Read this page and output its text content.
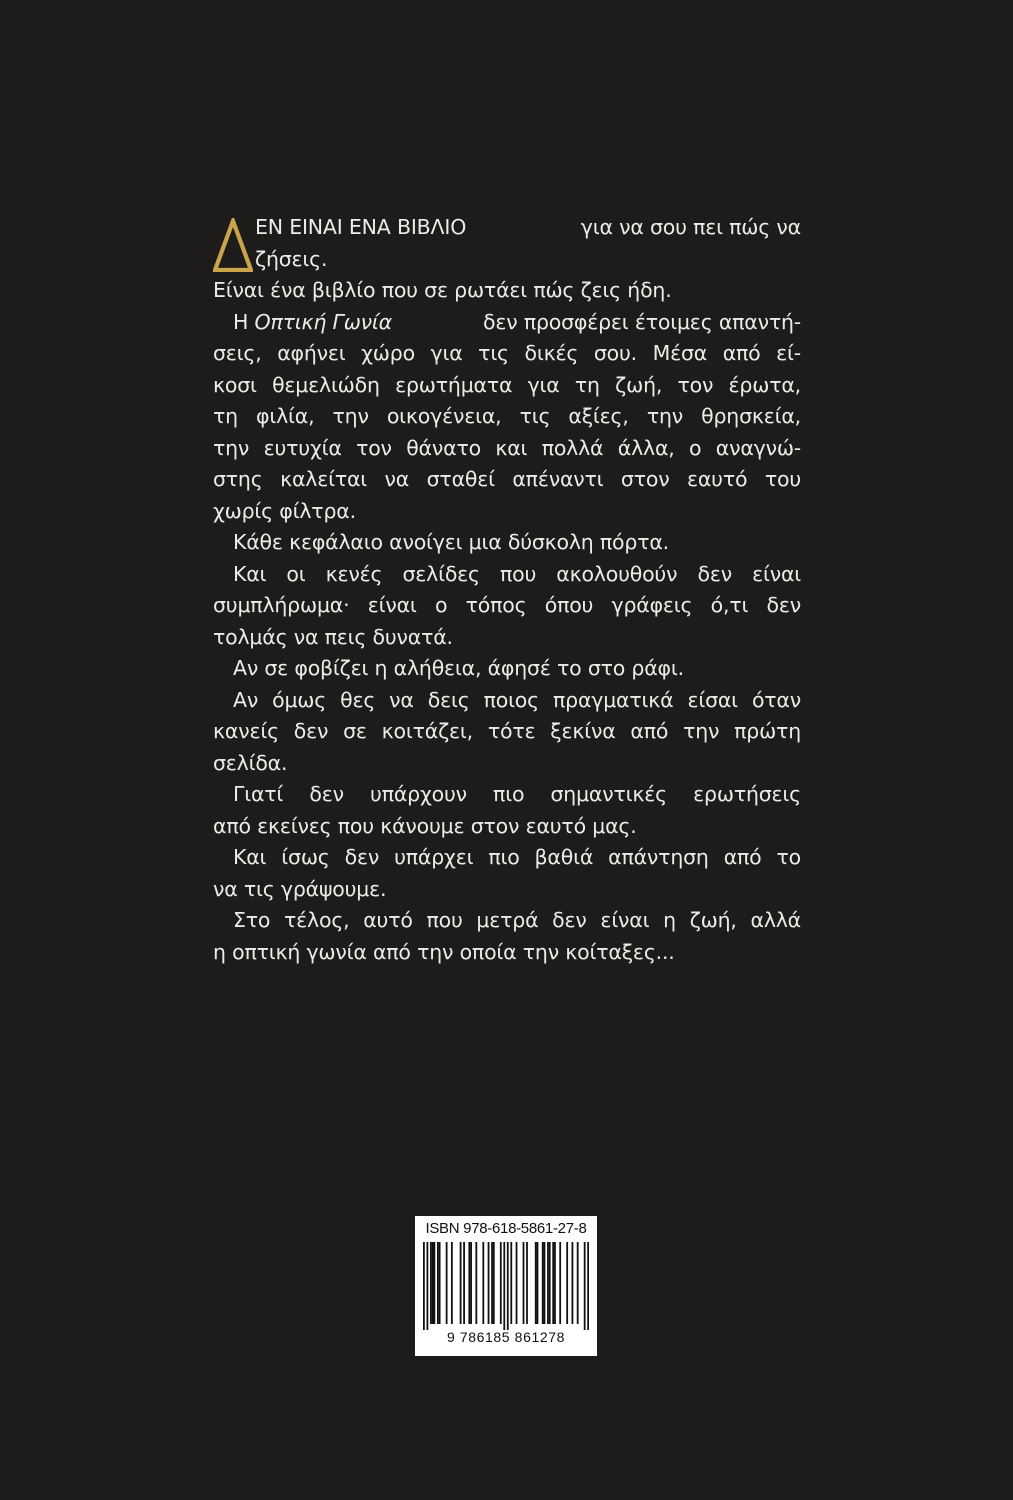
ΕΝ ΕΙΝΑΙ ΕΝΑ ΒΙΒΛΙΟ	για να σου πει πώς να
ζήσεις.
Είναι ένα βιβλίο που σε ρωτάει πώς ζεις ήδη.
Η Οπτική Γωνία	δεν προσφέρει έτοιμες απαντή-
σεις, αφήνει χώρο για τις δικές σου. Μέσα από εί-
κοσι θεμελιώδη ερωτήματα για τη ζωή, τον έρωτα,
τη φιλία, την οικογένεια, τις αξίες, την θρησκεία,
την ευτυχία τον θάνατο και πολλά άλλα, ο αναγνώ-
στης καλείται να σταθεί απέναντι στον εαυτό του
χωρίς φίλτρα.
Κάθε κεφάλαιο ανοίγει μια δύσκολη πόρτα.
Και οι κενές σελίδες που ακολουθούν δεν είναι
συμπλήρωμα· είναι ο τόπος όπου γράφεις ό,τι δεν
τολμάς να πεις δυνατά.
Αν σε φοβίζει η αλήθεια, άφησέ το στο ράφι.
Αν όμως θες να δεις ποιος πραγματικά είσαι όταν
κανείς δεν σε κοιτάζει, τότε ξεκίνα από την πρώτη
σελίδα.
Γιατί δεν υπάρχουν πιο σημαντικές ερωτήσεις
από εκείνες που κάνουμε στον εαυτό μας.
Και ίσως δεν υπάρχει πιο βαθιά απάντηση από το
να τις γράψουμε.
Στο τέλος, αυτό που μετρά δεν είναι η ζωή, αλλά
η οπτική γωνία από την οποία την κοίταξες...
ISBN 978-618-5861-27-8
9 786185 861278
